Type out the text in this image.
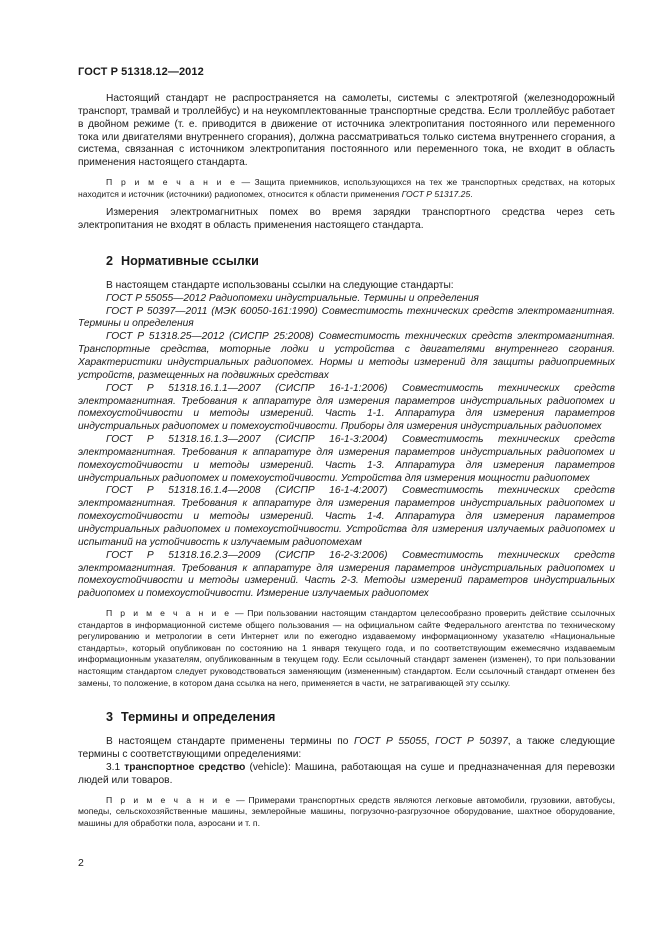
ГОСТ Р 51318.12—2012

Настоящий стандарт не распространяется на самолеты, системы с электротягой (железнодорожный транспорт, трамвай и троллейбус) и на неукомплектованные транспортные средства. Если троллейбус работает в двойном режиме (т. е. приводится в движение от источника электропитания постоянного или переменного тока или двигателями внутреннего сгорания), должна рассматриваться только система внутреннего сгорания, а система, связанная с источником электропитания постоянного или переменного тока, не входит в область применения настоящего стандарта.

П р и м е ч а н и е — Защита приемников, использующихся на тех же транспортных средствах, на которых находится и источник (источники) радиопомех, относится к области применения ГОСТ Р 51317.25.

Измерения электромагнитных помех во время зарядки транспортного средства через сеть электропитания не входят в область применения настоящего стандарта.

2 Нормативные ссылки

В настоящем стандарте использованы ссылки на следующие стандарты:

ГОСТ Р 55055—2012 Радиопомехи индустриальные. Термины и определения

ГОСТ Р 50397—2011 (МЭК 60050-161:1990) Совместимость технических средств электромагнитная. Термины и определения

ГОСТ Р 51318.25—2012 (СИСПР 25:2008) Совместимость технических средств электромагнитная. Транспортные средства, моторные лодки и устройства с двигателями внутреннего сгорания. Характеристики индустриальных радиопомех. Нормы и методы измерений для защиты радиоприемных устройств, размещенных на подвижных средствах

ГОСТ Р 51318.16.1.1—2007 (СИСПР 16-1-1:2006) Совместимость технических средств электромагнитная. Требования к аппаратуре для измерения параметров индустриальных радиопомех и помехоустойчивости и методы измерений. Часть 1-1. Аппаратура для измерения параметров индустриальных радиопомех и помехоустойчивости. Приборы для измерения индустриальных радиопомех

ГОСТ Р 51318.16.1.3—2007 (СИСПР 16-1-3:2004) Совместимость технических средств электромагнитная. Требования к аппаратуре для измерения параметров индустриальных радиопомех и помехоустойчивости и методы измерений. Часть 1-3. Аппаратура для измерения параметров индустриальных радиопомех и помехоустойчивости. Устройства для измерения мощности радиопомех

ГОСТ Р 51318.16.1.4—2008 (СИСПР 16-1-4:2007) Совместимость технических средств электромагнитная. Требования к аппаратуре для измерения параметров индустриальных радиопомех и помехоустойчивости и методы измерений. Часть 1-4. Аппаратура для измерения параметров индустриальных радиопомех и помехоустойчивости. Устройства для измерения излучаемых радиопомех и испытаний на устойчивость к излучаемым радиопомехам

ГОСТ Р 51318.16.2.3—2009 (СИСПР 16-2-3:2006) Совместимость технических средств электромагнитная. Требования к аппаратуре для измерения параметров индустриальных радиопомех и помехоустойчивости и методы измерений. Часть 2-3. Методы измерений параметров индустриальных радиопомех и помехоустойчивости. Измерение излучаемых радиопомех

П р и м е ч а н и е — При пользовании настоящим стандартом целесообразно проверить действие ссылочных стандартов в информационной системе общего пользования — на официальном сайте Федерального агентства по техническому регулированию и метрологии в сети Интернет или по ежегодно издаваемому информационному указателю «Национальные стандарты», который опубликован по состоянию на 1 января текущего года, и по соответствующим ежемесячно издаваемым информационным указателям, опубликованным в текущем году. Если ссылочный стандарт заменен (изменен), то при пользовании настоящим стандартом следует руководствоваться заменяющим (измененным) стандартом. Если ссылочный стандарт отменен без замены, то положение, в котором дана ссылка на него, применяется в части, не затрагивающей эту ссылку.

3 Термины и определения

В настоящем стандарте применены термины по ГОСТ Р 55055, ГОСТ Р 50397, а также следующие термины с соответствующими определениями:

3.1 транспортное средство (vehicle): Машина, работающая на суше и предназначенная для перевозки людей или товаров.

П р и м е ч а н и е — Примерами транспортных средств являются легковые автомобили, грузовики, автобусы, мопеды, сельскохозяйственные машины, землеройные машины, погрузочно-разгрузочное оборудование, шахтное оборудование, машины для обработки пола, аэросани и т. п.

2
